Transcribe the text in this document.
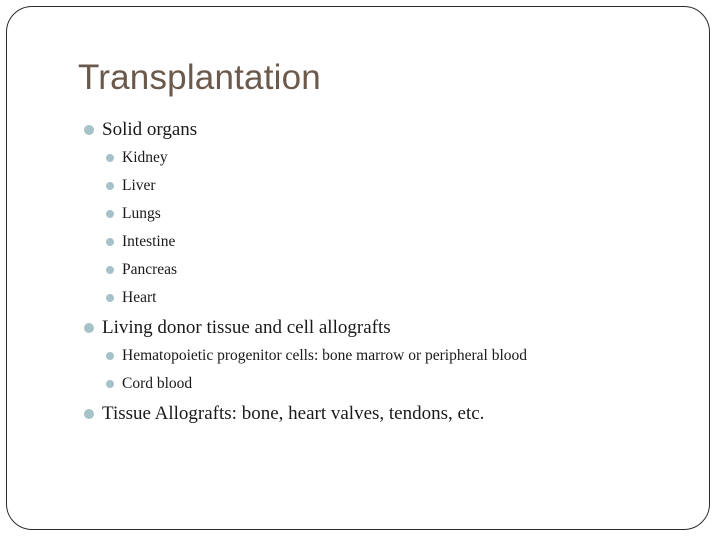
Transplantation
Solid organs
Kidney
Liver
Lungs
Intestine
Pancreas
Heart
Living donor tissue and cell allografts
Hematopoietic progenitor cells: bone marrow or peripheral blood
Cord blood
Tissue Allografts: bone, heart valves, tendons, etc.
